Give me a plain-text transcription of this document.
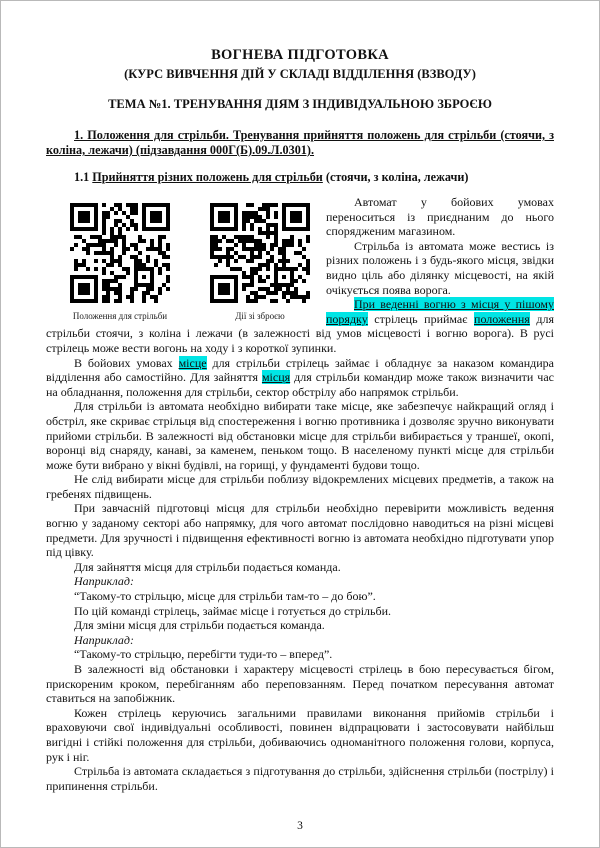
ВОГНЕВА ПІДГОТОВКА
(КУРС ВИВЧЕННЯ ДІЙ У СКЛАДІ ВІДДІЛЕННЯ (ВЗВОДУ)
ТЕМА №1. ТРЕНУВАННЯ ДІЯМ З ІНДИВІДУАЛЬНОЮ ЗБРОЄЮ

1. Положення для стрільби. Тренування прийняття положень для стрільби (стоячи, з коліна, лежачи) (підзавдання 000Г(Б).09.Л.0301).

1.1 Прийняття різних положень для стрільби (стоячи, з коліна, лежачи)

Положення для стрільби	Дії зі зброєю

Автомат у бойових умовах переноситься із приєднаним до нього спорядженим магазином.

Стрільба із автомата може вестись із різних положень і з будь-якого місця, звідки видно ціль або ділянку місцевості, на якій очікується поява ворога.

При веденні вогню з місця у пішому порядку стрілець приймає положення для стрільби стоячи, з коліна і лежачи (в залежності від умов місцевості і вогню ворога). В русі стрілець може вести вогонь на ходу і з короткої зупинки.

В бойових умовах місце для стрільби стрілець займає і обладнує за наказом командира відділення або самостійно. Для зайняття місця для стрільби командир може також визначити час на обладнання, положення для стрільби, сектор обстрілу або напрямок стрільби.

Для стрільби із автомата необхідно вибирати таке місце, яке забезпечує найкращий огляд і обстріл, яке скриває стрільця від спостереження і вогню противника і дозволяє зручно виконувати прийоми стрільби. В залежності від обстановки місце для стрільби вибирається у траншеї, окопі, воронці від снаряду, канаві, за каменем, пеньком тощо. В населеному пункті місце для стрільби може бути вибрано у вікні будівлі, на горищі, у фундаменті будови тощо.

Не слід вибирати місце для стрільби поблизу відокремлених місцевих предметів, а також на гребенях підвищень.

При завчасній підготовці місця для стрільби необхідно перевірити можливість ведення вогню у заданому секторі або напрямку, для чого автомат послідовно наводиться на різні місцеві предмети. Для зручності і підвищення ефективності вогню із автомата необхідно підготувати упор під цівку.

Для зайняття місця для стрільби подається команда.

Наприклад:

“Такому-то стрільцю, місце для стрільби там-то – до бою”.

По цій команді стрілець, займає місце і готується до стрільби.

Для зміни місця для стрільби подається команда.

Наприклад:

“Такому-то стрільцю, перебігти туди-то – вперед”.

В залежності від обстановки і характеру місцевості стрілець в бою пересувається бігом, прискореним кроком, перебіганням або переповзанням. Перед початком пересування автомат ставиться на запобіжник.

Кожен стрілець керуючись загальними правилами виконання прийомів стрільби і враховуючи свої індивідуальні особливості, повинен відпрацювати і застосовувати найбільш вигідні і стійкі положення для стрільби, добиваючись одноманітного положення голови, корпуса, рук і ніг.

Стрільба із автомата складається з підготування до стрільби, здійснення стрільби (пострілу) і припинення стрільби.

3
